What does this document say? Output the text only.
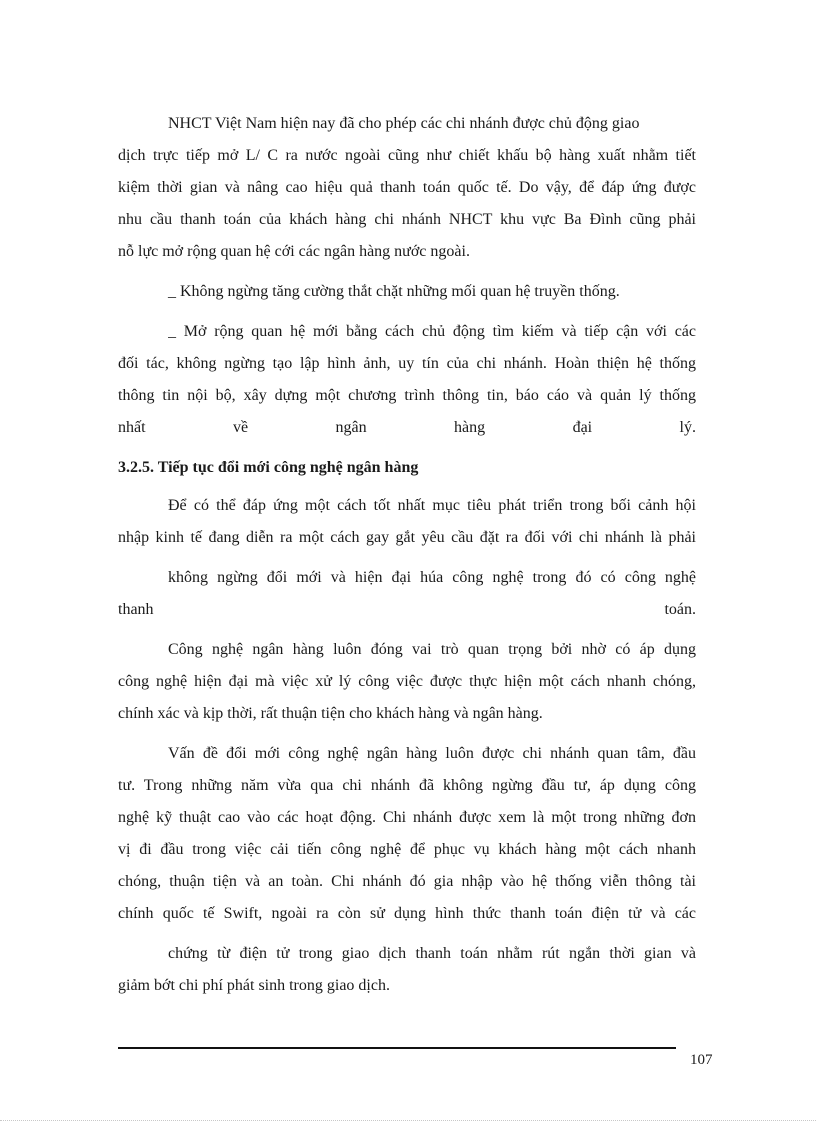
NHCT Việt Nam hiện nay đã cho phép các chi nhánh được chủ động giao
dịch trực tiếp mở L/ C ra nước ngoài cũng như chiết khấu bộ hàng xuất nhằm tiết
kiệm thời gian và nâng cao hiệu quả thanh toán quốc tế. Do vậy, để đáp ứng được
nhu cầu thanh toán của khách hàng chi nhánh NHCT khu vực Ba Đình cũng phải
nỗ lực mở rộng quan hệ cới các ngân hàng nước ngoài.
_ Không ngừng tăng cường thắt chặt những mối quan hệ truyền thống.
_ Mở rộng quan hệ mới bằng cách chủ động tìm kiếm và tiếp cận với các
đối tác, không ngừng tạo lập hình ảnh, uy tín của chi nhánh. Hoàn thiện hệ thống
thông tin nội bộ, xây dựng một chương trình thông tin, báo cáo và quản lý thống
nhất về ngân hàng đại lý.
3.2.5. Tiếp tục đổi mới công nghệ ngân hàng
Để có thể đáp ứng một cách tốt nhất mục tiêu phát triển trong bối cảnh hội
nhập kinh tế đang diễn ra một cách gay gắt yêu cầu đặt ra đối với chi nhánh là phải
không ngừng đổi mới và hiện đại húa công nghệ trong đó có công nghệ
thanh toán.
Công nghệ ngân hàng luôn đóng vai trò quan trọng bởi nhờ có áp dụng
công nghệ hiện đại mà việc xử lý công việc được thực hiện một cách nhanh chóng,
chính xác và kịp thời, rất thuận tiện cho khách hàng và ngân hàng.
Vấn đề đổi mới công nghệ ngân hàng luôn được chi nhánh quan tâm, đầu
tư. Trong những năm vừa qua chi nhánh đã không ngừng đầu tư, áp dụng công
nghệ kỹ thuật cao vào các hoạt động. Chi nhánh được xem là một trong những đơn
vị đi đầu trong việc cải tiến công nghệ để phục vụ khách hàng một cách nhanh
chóng, thuận tiện và an toàn. Chi nhánh đó gia nhập vào hệ thống viễn thông tài
chính quốc tế Swift, ngoài ra còn sử dụng hình thức thanh toán điện tử và các
chứng từ điện tử trong giao dịch thanh toán nhằm rút ngắn thời gian và
giảm bớt chi phí phát sinh trong giao dịch.
107
